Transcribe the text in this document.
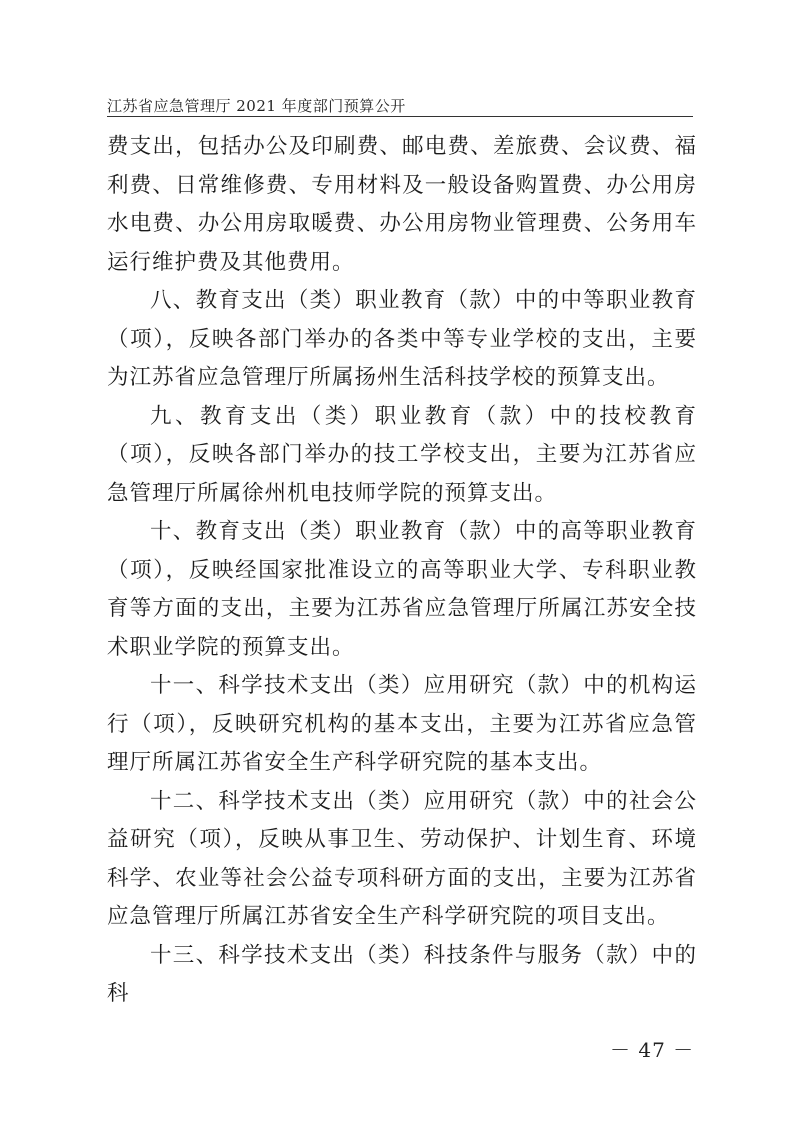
江苏省应急管理厅 2021 年度部门预算公开

费支出，包括办公及印刷费、邮电费、差旅费、会议费、福利费、日常维修费、专用材料及一般设备购置费、办公用房水电费、办公用房取暖费、办公用房物业管理费、公务用车运行维护费及其他费用。

八、教育支出（类）职业教育（款）中的中等职业教育（项），反映各部门举办的各类中等专业学校的支出，主要为江苏省应急管理厅所属扬州生活科技学校的预算支出。

九、教育支出（类）职业教育（款）中的技校教育（项），反映各部门举办的技工学校支出，主要为江苏省应急管理厅所属徐州机电技师学院的预算支出。

十、教育支出（类）职业教育（款）中的高等职业教育（项），反映经国家批准设立的高等职业大学、专科职业教育等方面的支出，主要为江苏省应急管理厅所属江苏安全技术职业学院的预算支出。

十一、科学技术支出（类）应用研究（款）中的机构运行（项），反映研究机构的基本支出，主要为江苏省应急管理厅所属江苏省安全生产科学研究院的基本支出。

十二、科学技术支出（类）应用研究（款）中的社会公益研究（项），反映从事卫生、劳动保护、计划生育、环境科学、农业等社会公益专项科研方面的支出，主要为江苏省应急管理厅所属江苏省安全生产科学研究院的项目支出。

十三、科学技术支出（类）科技条件与服务（款）中的科

－ 47 －
